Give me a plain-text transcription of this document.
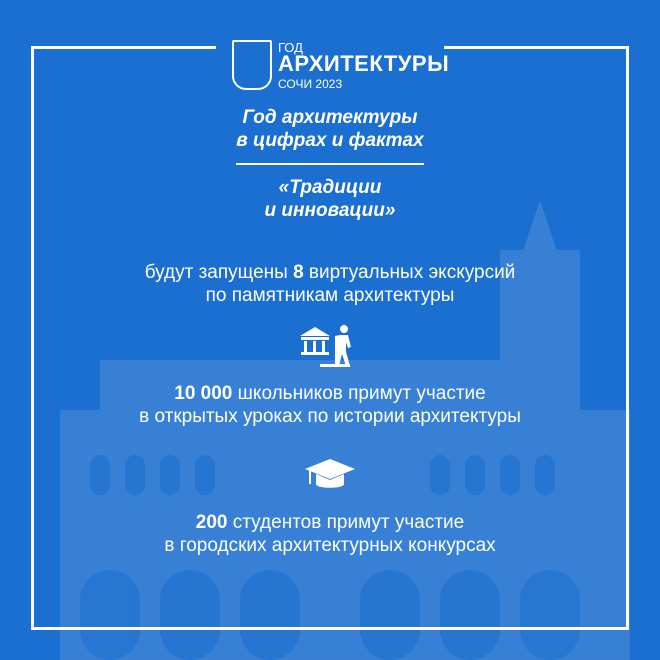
ГОД
АРХИТЕКТУРЫ
СОЧИ 2023
Год архитектуры
в цифрах и фактах
«Традиции
и инновации»
будут запущены 8 виртуальных экскурсий
по памятникам архитектуры
10 000 школьников примут участие
в открытых уроках по истории архитектуры
200 студентов примут участие
в городских архитектурных конкурсах
